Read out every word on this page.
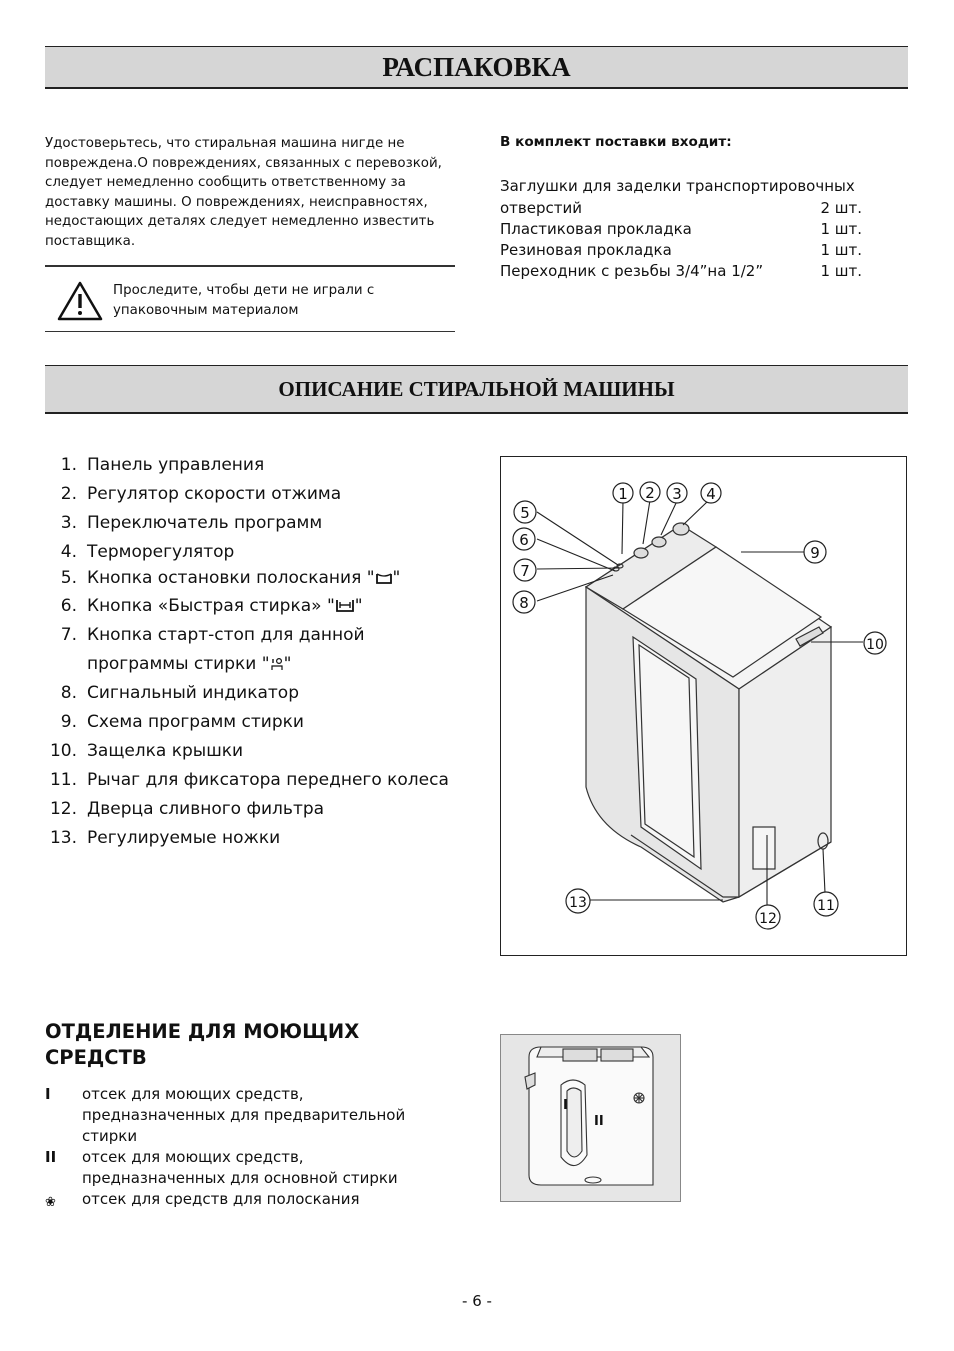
РАСПАКОВКА
Удостоверьтесь, что стиральная машина нигде не
повреждена.О повреждениях, связанных с перевозкой,
следует немедленно сообщить ответственному за
доставку машины. О повреждениях, неисправностях,
недостающих деталях следует немедленно известить
поставщика.
Проследите, чтобы дети не играли с
упаковочным материалом
В комплект поставки входит:
Заглушки для заделки транспортировочных
отверстий	2 шт.
Пластиковая прокладка	1 шт.
Резиновая прокладка	1 шт.
Переходник с резьбы 3/4”на 1/2”	1 шт.
ОПИСАНИЕ СТИРАЛЬНОЙ МАШИНЫ
1. Панель управления
2. Регулятор скорости отжима
3. Переключатель программ
4. Терморегулятор
5. Кнопка остановки полоскания " "
6. Кнопка «Быстрая стирка» " "
7. Кнопка старт-стоп для данной
программы стирки " "
8. Сигнальный индикатор
9. Схема программ стирки
10. Защелка крышки
11. Рычаг для фиксатора переднего колеса
12. Дверца сливного фильтра
13. Регулируемые ножки
1 2 3 4
5
6
7
8
9
10
11
12
13
ОТДЕЛЕНИЕ ДЛЯ МОЮЩИХ
СРЕДСТВ
I отсек для моющих средств,
предназначенных для предварительной
стирки
II отсек для моющих средств,
предназначенных для основной стирки
❀ отсек для средств для полоскания
I
II
- 6 -
